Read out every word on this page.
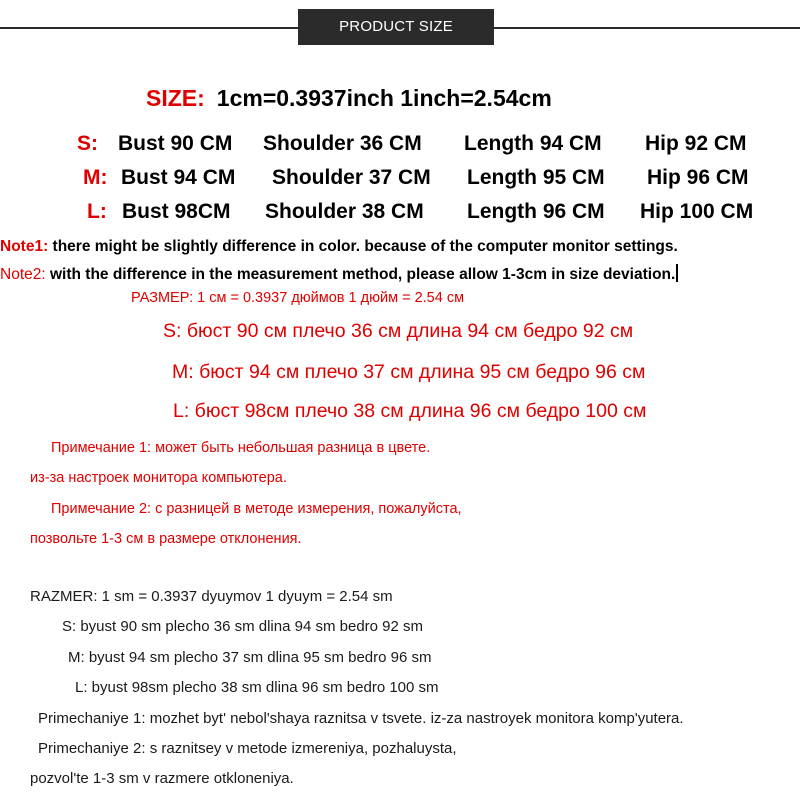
PRODUCT SIZE
SIZE: 1cm=0.3937inch 1inch=2.54cm
S: Bust 90 CM Shoulder 36 CM Length 94 CM Hip 92 CM
M: Bust 94 CM Shoulder 37 CM Length 95 CM Hip 96 CM
L: Bust 98CM Shoulder 38 CM Length 96 CM Hip 100 CM
Note1: there might be slightly difference in color. because of the computer monitor settings.
Note2: with the difference in the measurement method, please allow 1-3cm in size deviation.
РАЗМЕР: 1 см = 0.3937 дюймов 1 дюйм = 2.54 см
S: бюст 90 см плечо 36 см длина 94 см бедро 92 см
M: бюст 94 см плечо 37 см длина 95 см бедро 96 см
L: бюст 98см плечо 38 см длина 96 см бедро 100 см
Примечание 1: может быть небольшая разница в цвете.
из-за настроек монитора компьютера.
Примечание 2: с разницей в методе измерения, пожалуйста,
позвольте 1-3 см в размере отклонения.
RAZMER: 1 sm = 0.3937 dyuymov 1 dyuym = 2.54 sm
S: byust 90 sm plecho 36 sm dlina 94 sm bedro 92 sm
M: byust 94 sm plecho 37 sm dlina 95 sm bedro 96 sm
L: byust 98sm plecho 38 sm dlina 96 sm bedro 100 sm
Primechaniye 1: mozhet byt' nebol'shaya raznitsa v tsvete. iz-za nastroyek monitora komp'yutera.
Primechaniye 2: s raznitsey v metode izmereniya, pozhaluysta,
pozvol'te 1-3 sm v razmere otkloneniya.
